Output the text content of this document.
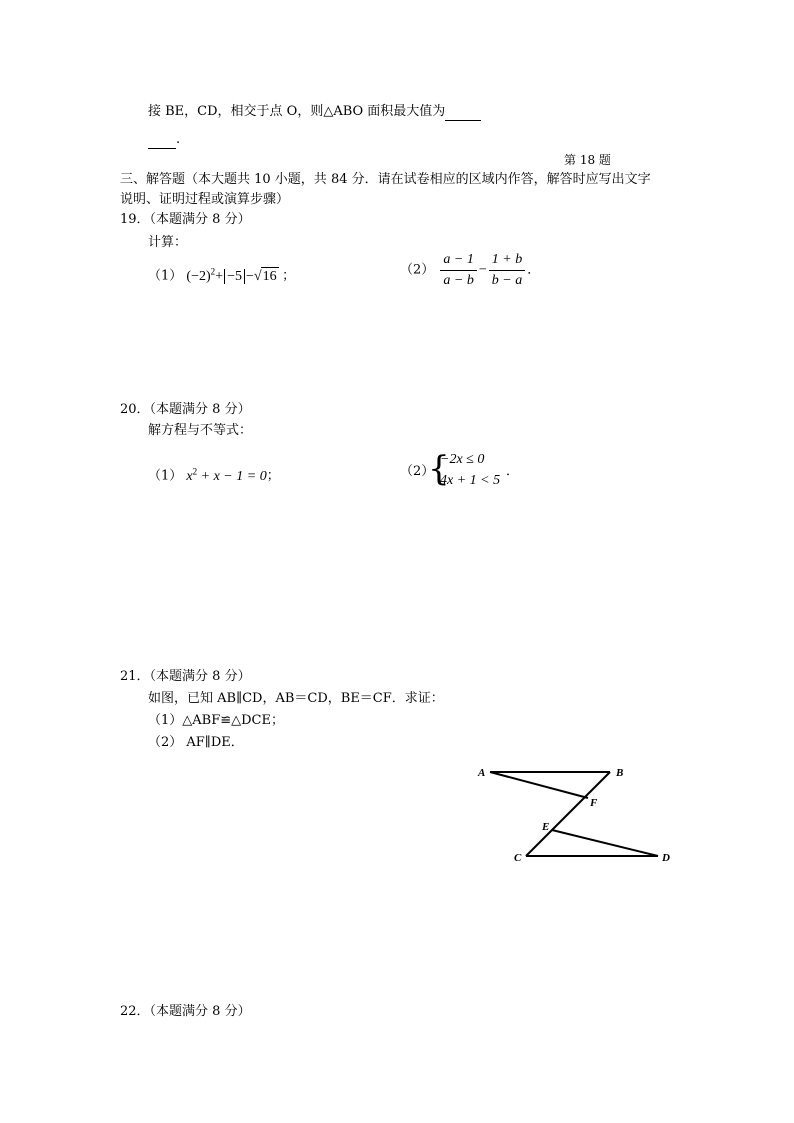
接 BE，CD，相交于点 O，则△ABO 面积最大值为
.
第 18 题
三、解答题（本大题共 10 小题，共 84 分．请在试卷相应的区域内作答，解答时应写出文字
说明、证明过程或演算步骤）
19．（本题满分 8 分）
计算：
（1） $(-2)^2+ -5 -√16$ ；	$(2) \frac{a - 1}{a - b} - \frac{1 + b}{b - a}$ ．
20．（本题满分 8 分）
解方程与不等式：
（1） $x^2 + x - 1 = 0$；	（2）
{
−2x ≤ 0
4x + 1 < 5
．
21．（本题满分 8 分）
如图，已知 AB∥CD，AB＝CD，BE＝CF．求证：
（1）△ABF≌△DCE；
（2） AF∥DE．
A	B
F
E
C	D
22．（本题满分 8 分）
